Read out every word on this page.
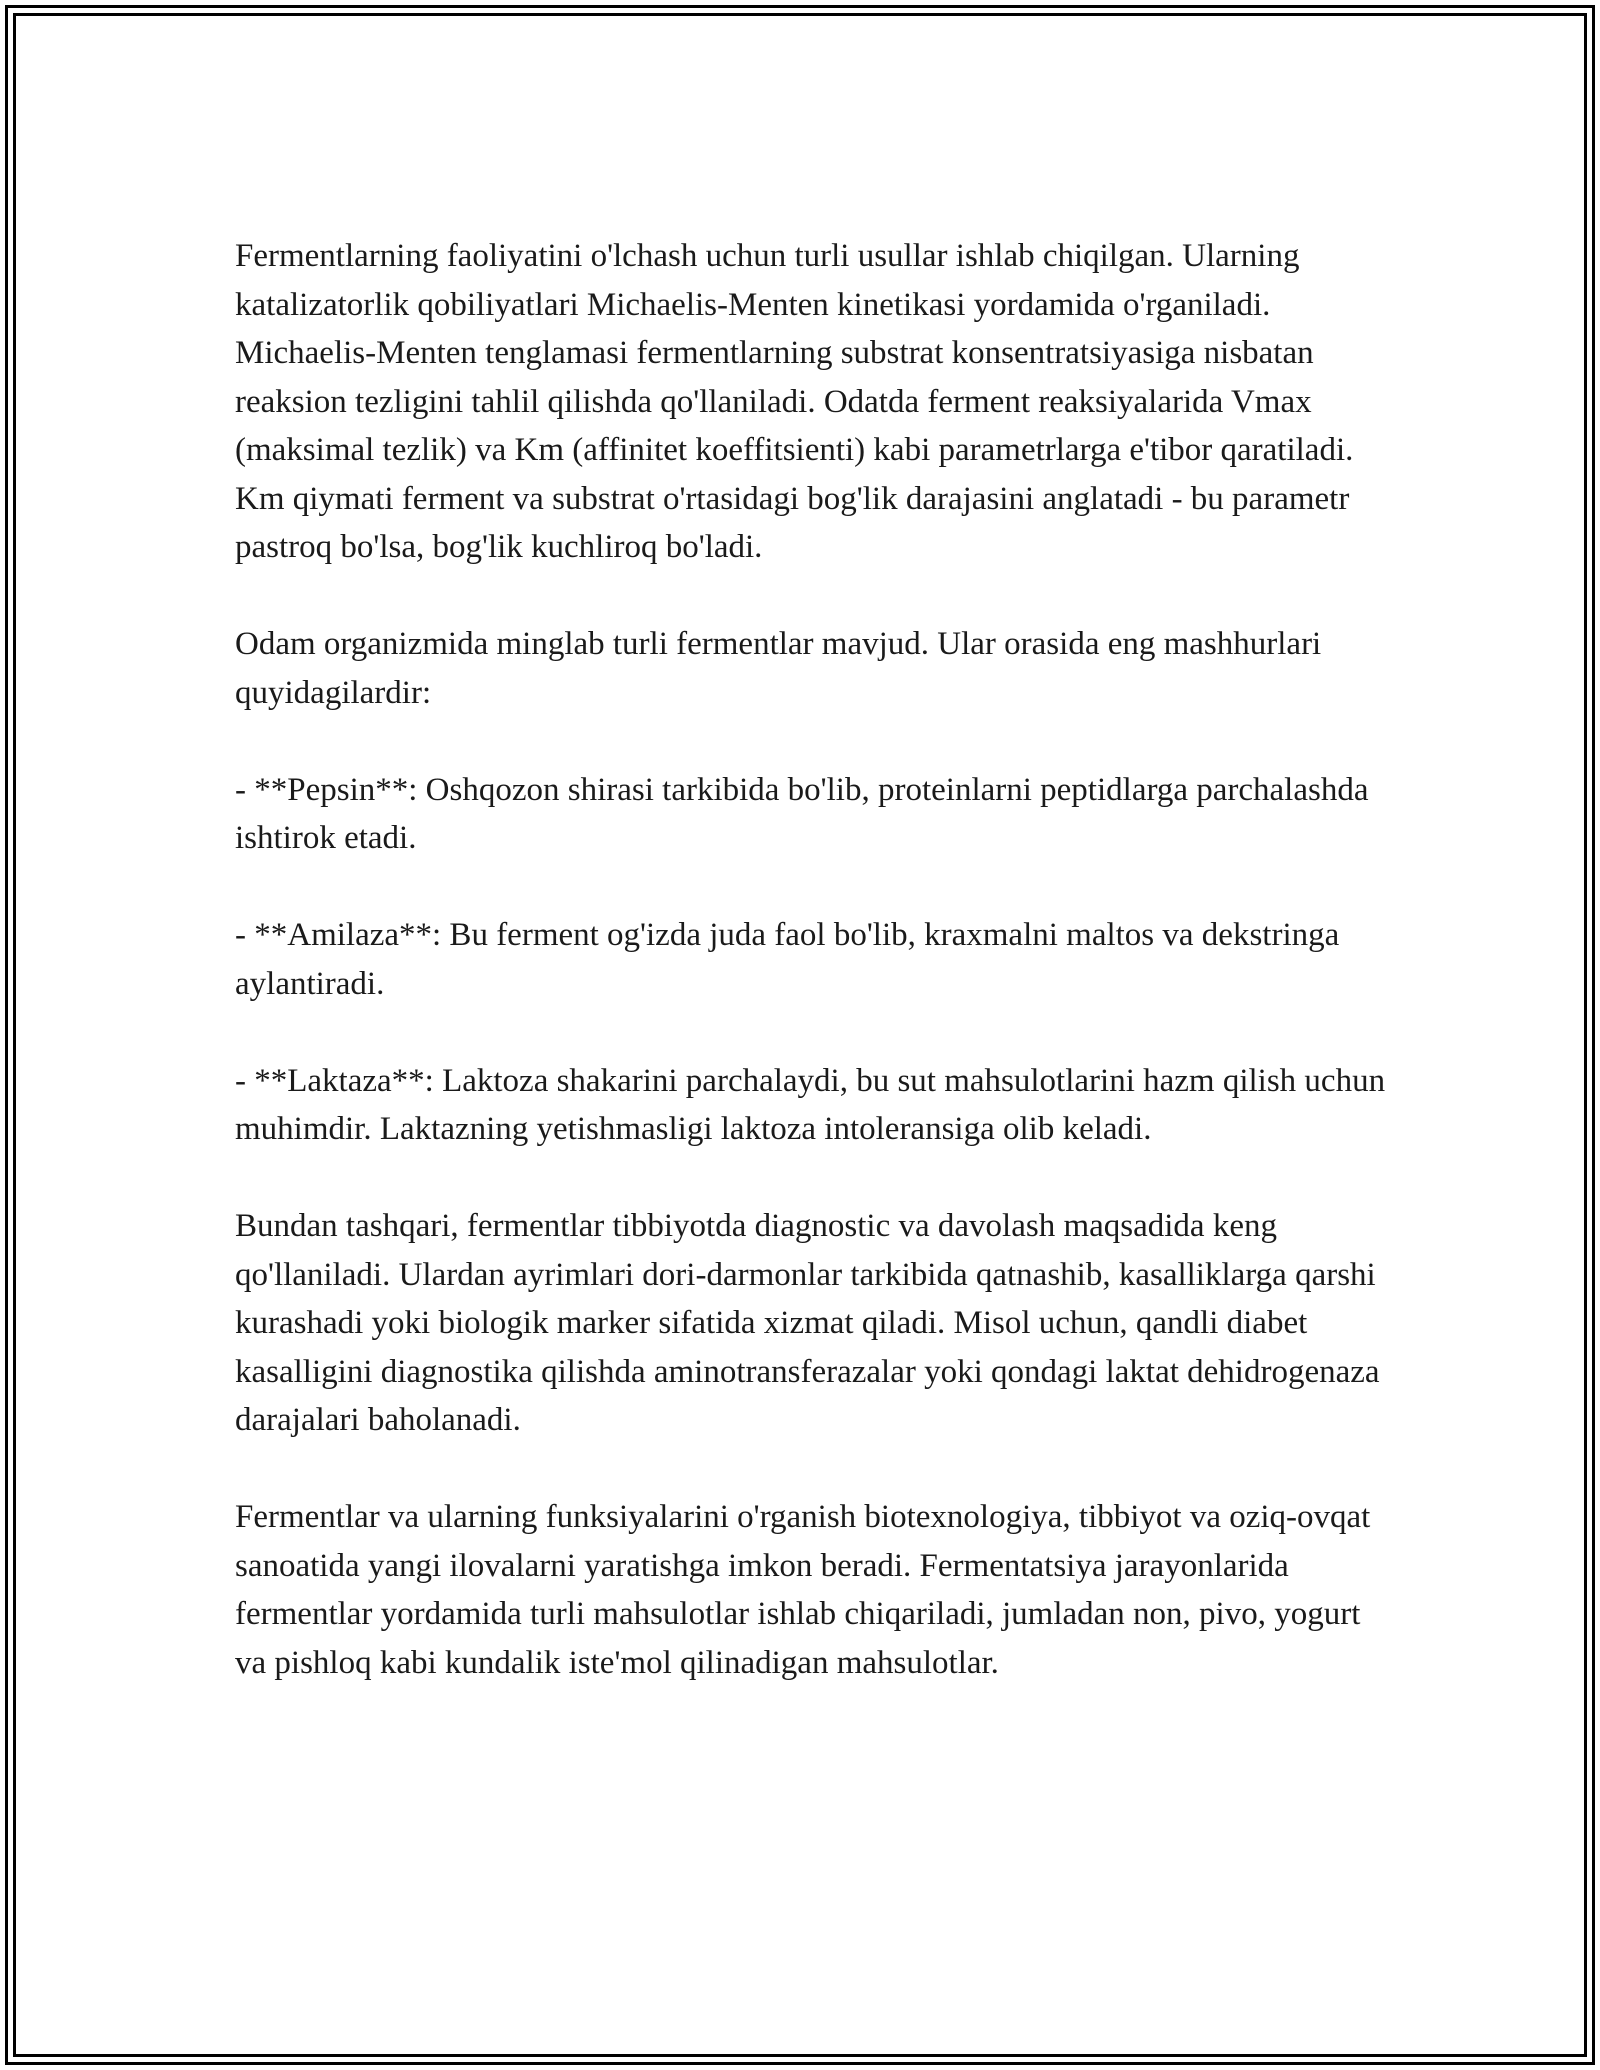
Fermentlarning faoliyatini o'lchash uchun turli usullar ishlab chiqilgan. Ularning katalizatorlik qobiliyatlari Michaelis-Menten kinetikasi yordamida o'rganiladi. Michaelis-Menten tenglamasi fermentlarning substrat konsentratsiyasiga nisbatan reaksion tezligini tahlil qilishda qo'llaniladi. Odatda ferment reaksiyalarida Vmax (maksimal tezlik) va Km (affinitet koeffitsienti) kabi parametrlarga e'tibor qaratiladi. Km qiymati ferment va substrat o'rtasidagi bog'lik darajasini anglatadi - bu parametr pastroq bo'lsa, bog'lik kuchliroq bo'ladi.

Odam organizmida minglab turli fermentlar mavjud. Ular orasida eng mashhurlari quyidagilardir:

- **Pepsin**: Oshqozon shirasi tarkibida bo'lib, proteinlarni peptidlarga parchalashda ishtirok etadi.

- **Amilaza**: Bu ferment og'izda juda faol bo'lib, kraxmalni maltos va dekstringa aylantiradi.

- **Laktaza**: Laktoza shakarini parchalaydi, bu sut mahsulotlarini hazm qilish uchun muhimdir. Laktazning yetishmasligi laktoza intoleransiga olib keladi.

Bundan tashqari, fermentlar tibbiyotda diagnostic va davolash maqsadida keng qo'llaniladi. Ulardan ayrimlari dori-darmonlar tarkibida qatnashib, kasalliklarga qarshi kurashadi yoki biologik marker sifatida xizmat qiladi. Misol uchun, qandli diabet kasalligini diagnostika qilishda aminotransferazalar yoki qondagi laktat dehidrogenaza darajalari baholanadi.

Fermentlar va ularning funksiyalarini o'rganish biotexnologiya, tibbiyot va oziq-ovqat sanoatida yangi ilovalarni yaratishga imkon beradi. Fermentatsiya jarayonlarida fermentlar yordamida turli mahsulotlar ishlab chiqariladi, jumladan non, pivo, yogurt va pishloq kabi kundalik iste'mol qilinadigan mahsulotlar.
